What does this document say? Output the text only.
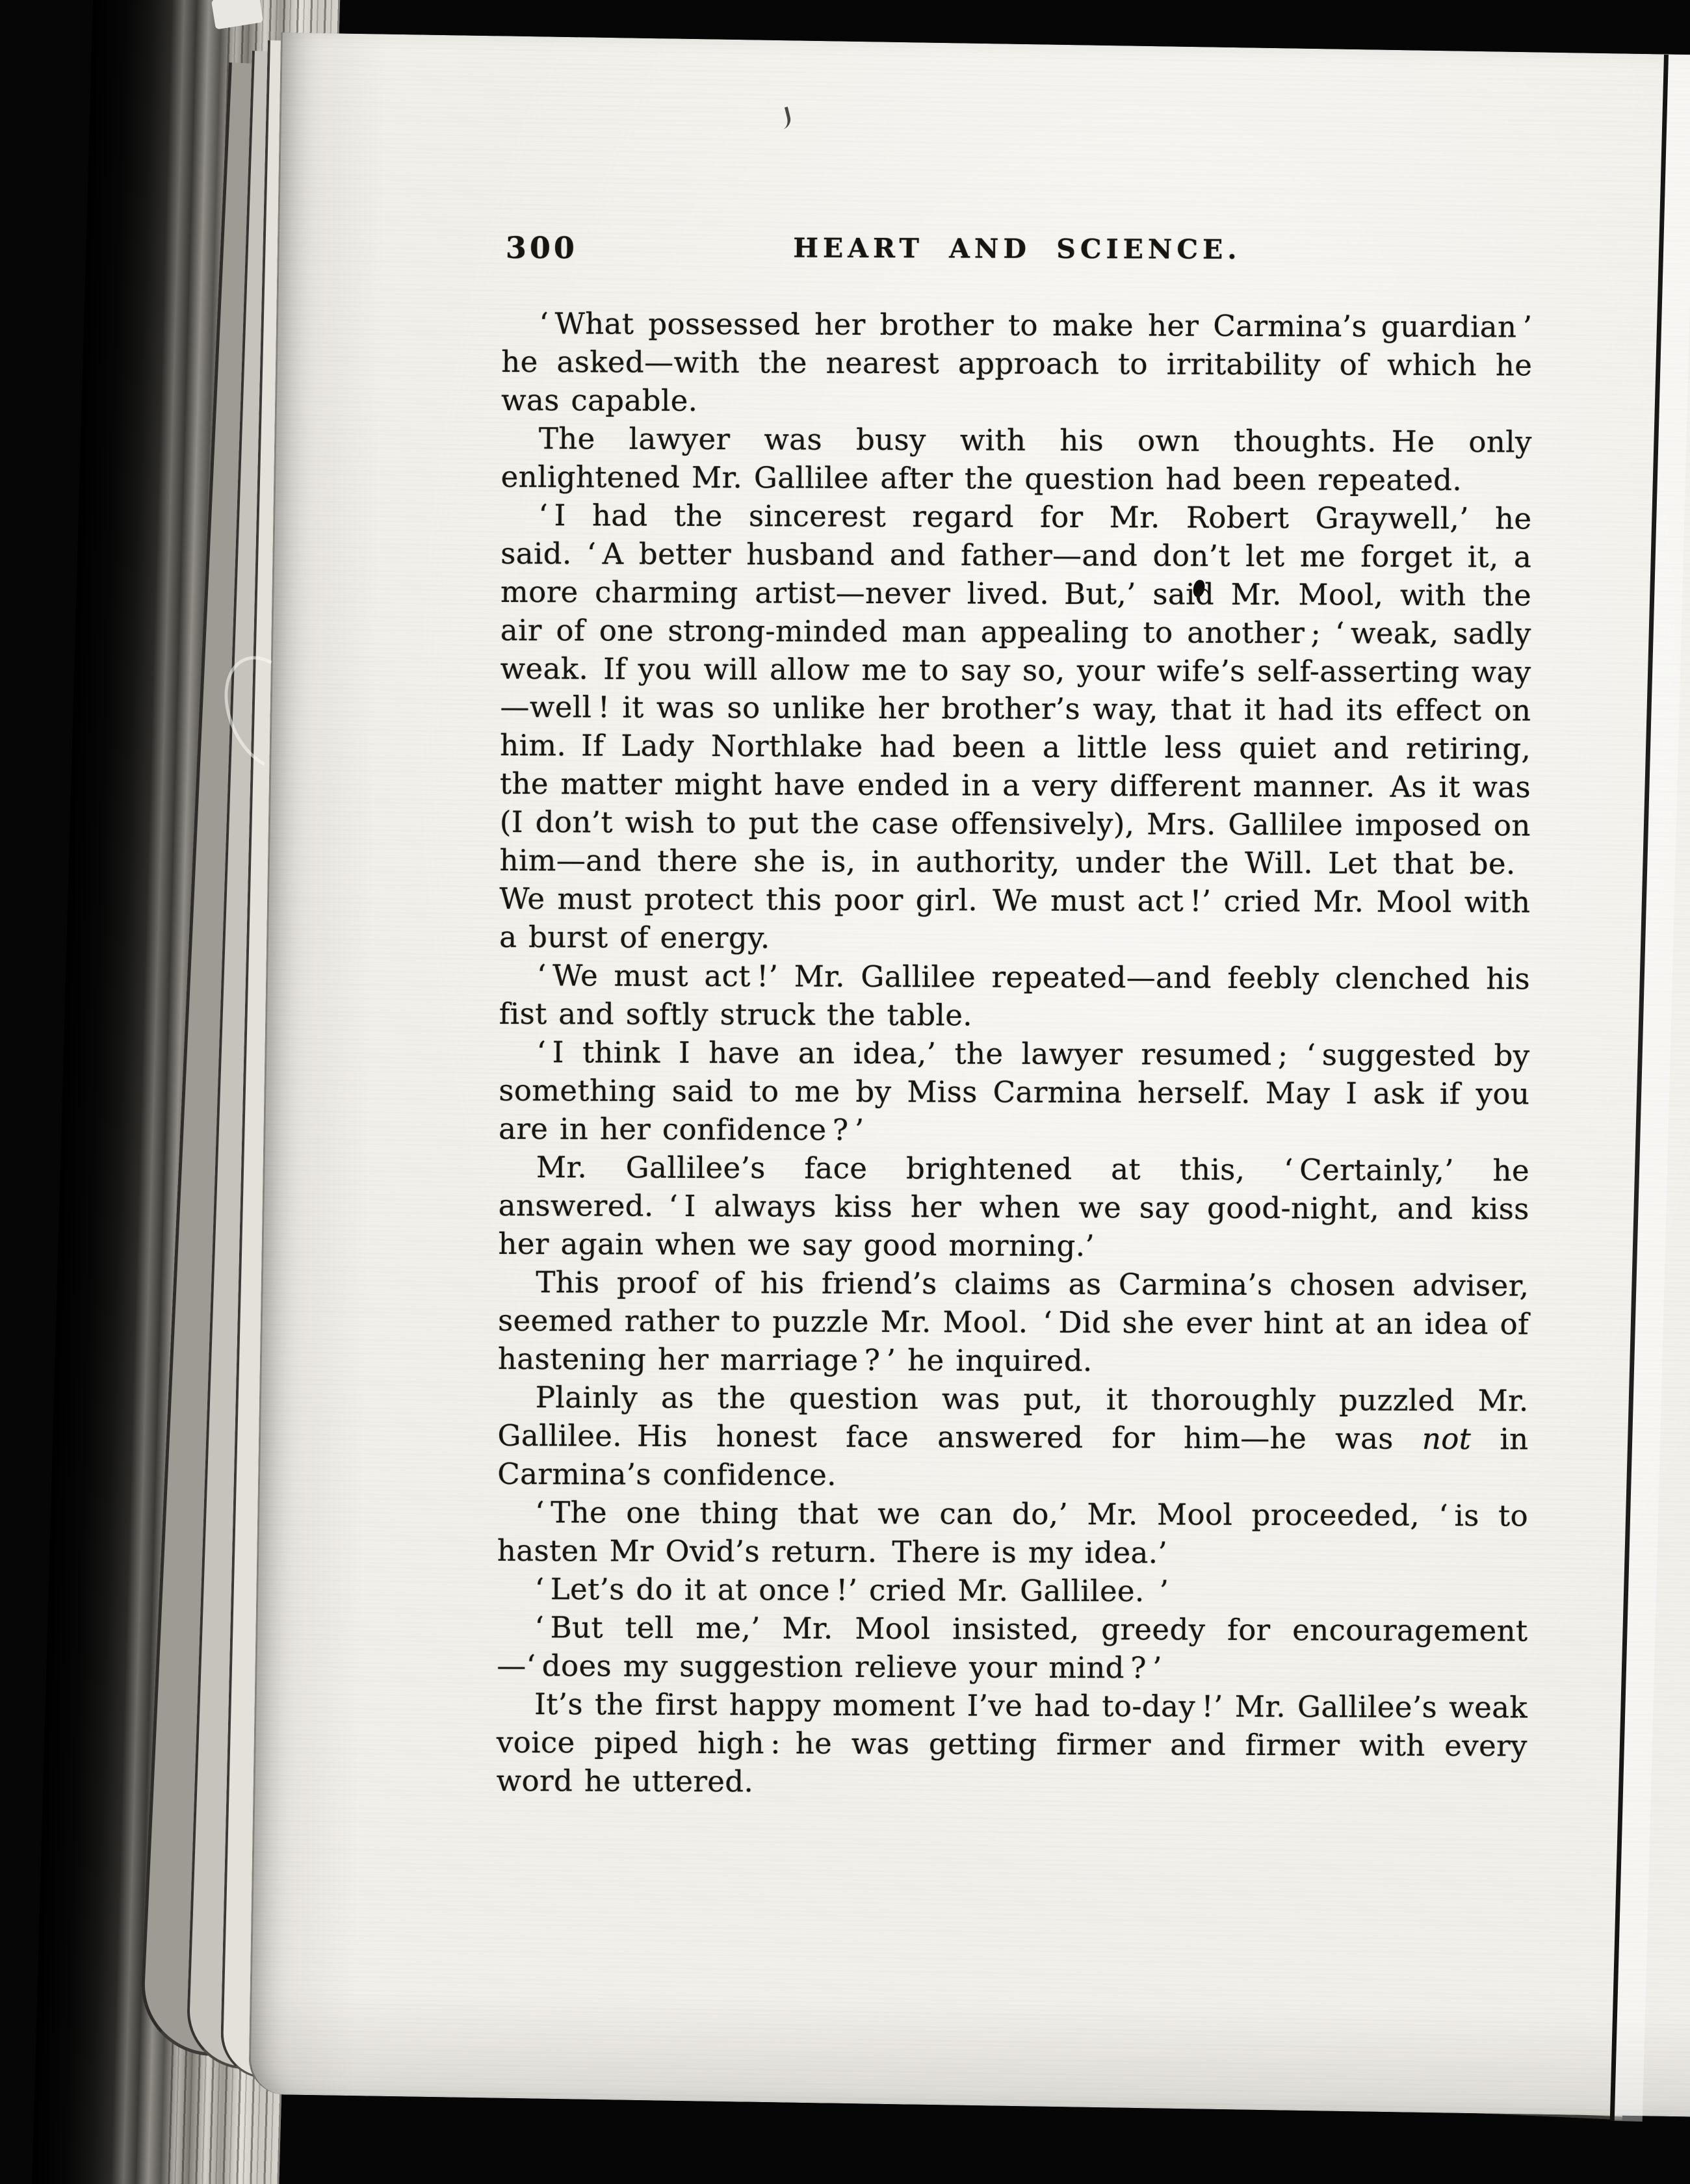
300	HEART AND SCIENCE.

‘ What possessed her brother to make her Carmina’s guardian ’ he asked—with the nearest approach to irritability of which he was capable.

The lawyer was busy with his own thoughts. He only enlightened Mr. Gallilee after the question had been repeated.

‘ I had the sincerest regard for Mr. Robert Graywell,’ he said. ‘ A better husband and father—and don’t let me forget it, a more charming artist—never lived. But,’ said Mr. Mool, with the air of one strong-minded man appealing to another ; ‘ weak, sadly weak. If you will allow me to say so, your wife’s self-asserting way—well ! it was so unlike her brother’s way, that it had its effect on him. If Lady Northlake had been a little less quiet and retiring, the matter might have ended in a very different manner. As it was (I don’t wish to put the case offensively), Mrs. Gallilee imposed on him—and there she is, in authority, under the Will. Let that be. We must protect this poor girl. We must act !’ cried Mr. Mool with a burst of energy.

‘ We must act !’ Mr. Gallilee repeated—and feebly clenched his fist and softly struck the table.

‘ I think I have an idea,’ the lawyer resumed ; ‘ suggested by something said to me by Miss Carmina herself. May I ask if you are in her confidence ? ’

Mr. Gallilee’s face brightened at this, ‘ Certainly,’ he answered. ‘ I always kiss her when we say good-night, and kiss her again when we say good morning.’

This proof of his friend’s claims as Carmina’s chosen adviser, seemed rather to puzzle Mr. Mool. ‘ Did she ever hint at an idea of hastening her marriage ? ’ he inquired.

Plainly as the question was put, it thoroughly puzzled Mr. Gallilee. His honest face answered for him—he was not in Carmina’s confidence.

‘ The one thing that we can do,’ Mr. Mool proceeded, ‘ is to hasten Mr Ovid’s return. There is my idea.’

‘ Let’s do it at once !’ cried Mr. Gallilee. ’

‘ But tell me,’ Mr. Mool insisted, greedy for encouragement —‘ does my suggestion relieve your mind ? ’

It’s the first happy moment I’ve had to-day !’ Mr. Gallilee’s weak voice piped high : he was getting firmer and firmer with every word he uttered.
